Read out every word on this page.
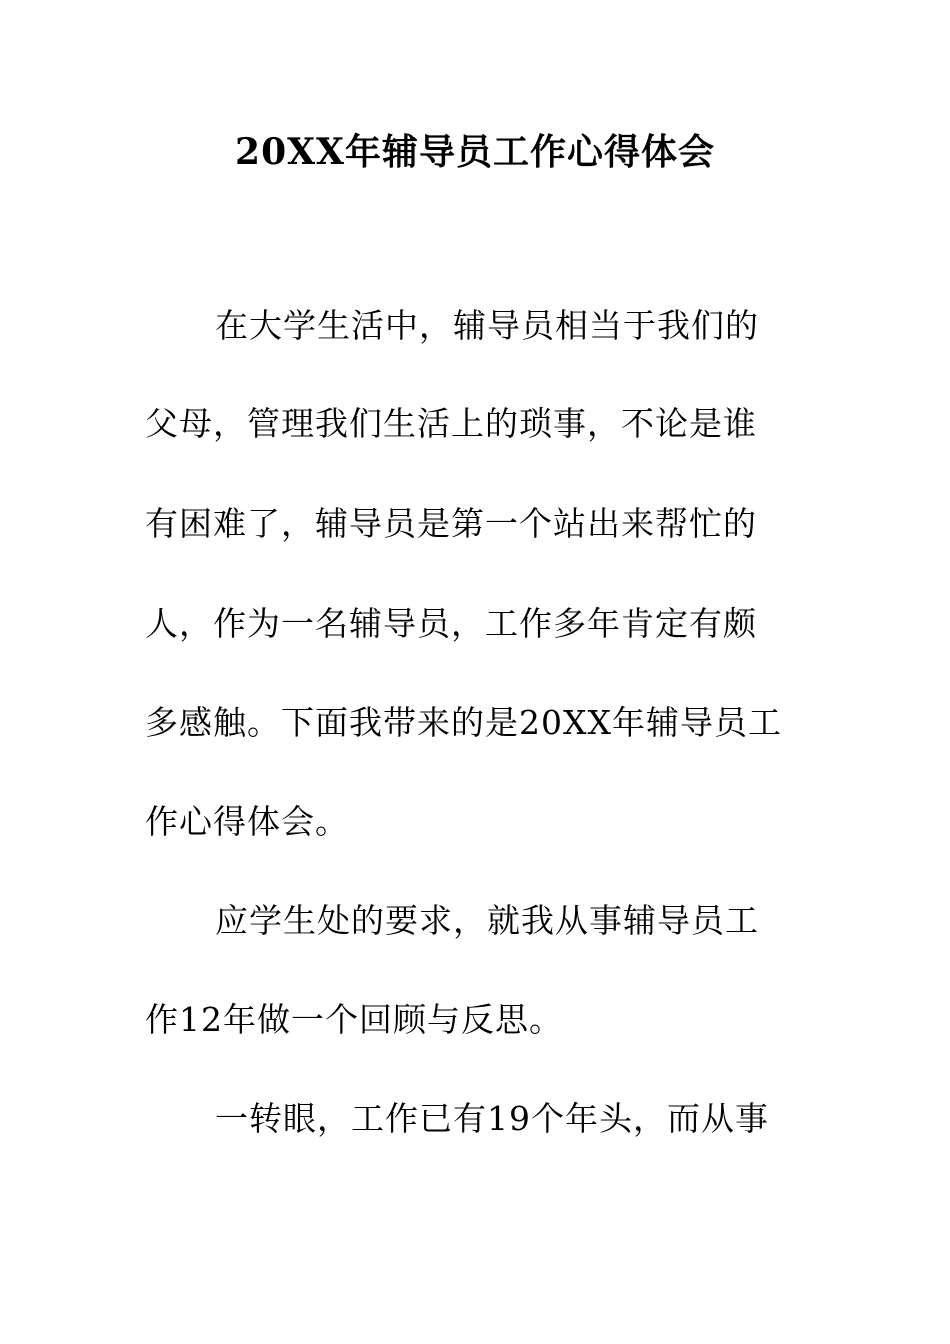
20XX年辅导员工作心得体会
在大学生活中，辅导员相当于我们的
父母，管理我们生活上的琐事，不论是谁
有困难了，辅导员是第一个站出来帮忙的
人，作为一名辅导员，工作多年肯定有颇
多感触。下面我带来的是20XX年辅导员工
作心得体会。
应学生处的要求，就我从事辅导员工
作12年做一个回顾与反思。
一转眼，工作已有19个年头，而从事
